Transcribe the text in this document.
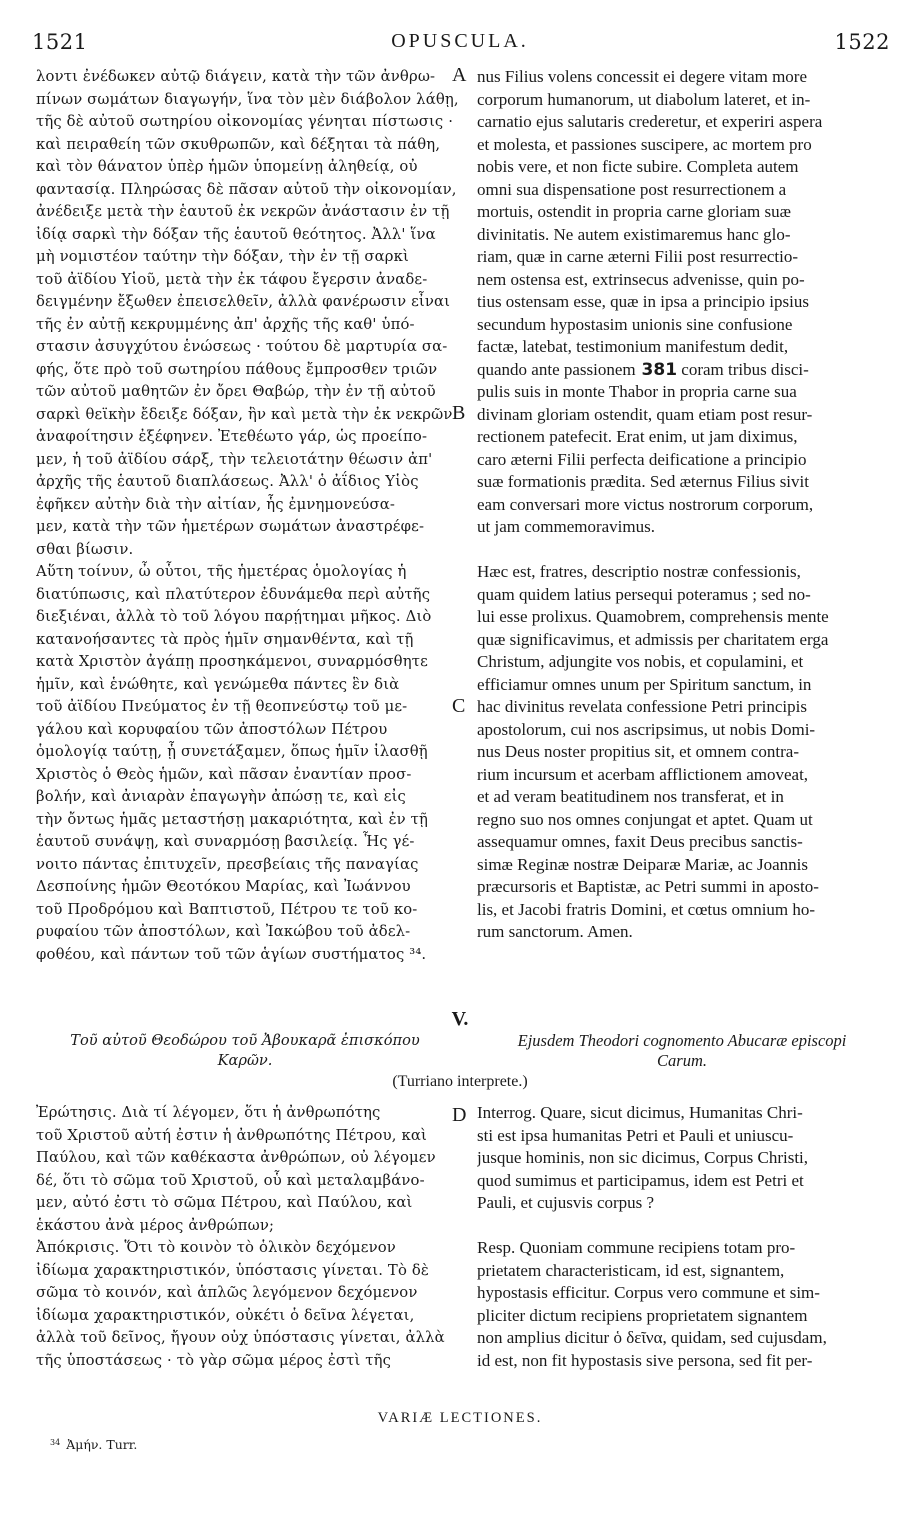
1521	OPUSCULA.	1522
λοντι ἐνέδωκεν αὐτῷ διάγειν, κατὰ τὴν τῶν ἀνθρω-
πίνων σωμάτων διαγωγήν, ἵνα τὸν μὲν διάβολον λάθῃ,
τῆς δὲ αὐτοῦ σωτηρίου οἰκονομίας γένηται πίστωσις ·
καὶ πειραθείη τῶν σκυθρωπῶν, καὶ δέξηται τὰ πάθη,
καὶ τὸν θάνατον ὑπὲρ ἡμῶν ὑπομείνῃ ἀληθείᾳ, οὐ
φαντασίᾳ. Πληρώσας δὲ πᾶσαν αὐτοῦ τὴν οἰκονομίαν,
ἀνέδειξε μετὰ τὴν ἑαυτοῦ ἐκ νεκρῶν ἀνάστασιν ἐν τῇ
ἰδίᾳ σαρκὶ τὴν δόξαν τῆς ἑαυτοῦ θεότητος. Ἀλλ' ἵνα
μὴ νομιστέον ταύτην τὴν δόξαν, τὴν ἐν τῇ σαρκὶ
τοῦ ἀϊδίου Υἱοῦ, μετὰ τὴν ἐκ τάφου ἔγερσιν ἀναδε-
δειγμένην ἔξωθεν ἐπεισελθεῖν, ἀλλὰ φανέρωσιν εἶναι
τῆς ἐν αὐτῇ κεκρυμμένης ἀπ' ἀρχῆς τῆς καθ' ὑπό-
στασιν ἀσυγχύτου ἑνώσεως · τούτου δὲ μαρτυρία σα-
φής, ὅτε πρὸ τοῦ σωτηρίου πάθους ἔμπροσθεν τριῶν
τῶν αὐτοῦ μαθητῶν ἐν ὄρει Θαβώρ, τὴν ἐν τῇ αὐτοῦ
σαρκὶ θεϊκὴν ἔδειξε δόξαν, ἣν καὶ μετὰ τὴν ἐκ νεκρῶν
ἀναφοίτησιν ἐξέφηνεν. Ἐτεθέωτο γάρ, ὡς προείπο-
μεν, ἡ τοῦ ἀϊδίου σάρξ, τὴν τελειοτάτην θέωσιν ἀπ'
ἀρχῆς τῆς ἑαυτοῦ διαπλάσεως. Ἀλλ' ὁ ἀΐδιος Υἱὸς
ἐφῆκεν αὐτὴν διὰ τὴν αἰτίαν, ἧς ἐμνημονεύσα-
μεν, κατὰ τὴν τῶν ἡμετέρων σωμάτων ἀναστρέφε-
σθαι βίωσιν.
Αὕτη τοίνυν, ὦ οὗτοι, τῆς ἡμετέρας ὁμολογίας ἡ
διατύπωσις, καὶ πλατύτερον ἐδυνάμεθα περὶ αὐτῆς
διεξιέναι, ἀλλὰ τὸ τοῦ λόγου παρῄτημαι μῆκος. Διὸ
κατανοήσαντες τὰ πρὸς ἡμῖν σημανθέντα, καὶ τῇ
κατὰ Χριστὸν ἀγάπῃ προσηκάμενοι, συναρμόσθητε
ἡμῖν, καὶ ἑνώθητε, καὶ γενώμεθα πάντες ἓν διὰ
τοῦ ἀϊδίου Πνεύματος ἐν τῇ θεοπνεύστῳ τοῦ με-
γάλου καὶ κορυφαίου τῶν ἀποστόλων Πέτρου
ὁμολογίᾳ ταύτῃ, ᾗ συνετάξαμεν, ὅπως ἡμῖν ἱλασθῇ
Χριστὸς ὁ Θεὸς ἡμῶν, καὶ πᾶσαν ἐναντίαν προσ-
βολήν, καὶ ἀνιαρὰν ἐπαγωγὴν ἀπώσῃ τε, καὶ εἰς
τὴν ὄντως ἡμᾶς μεταστήσῃ μακαριότητα, καὶ ἐν τῇ
ἑαυτοῦ συνάψῃ, καὶ συναρμόσῃ βασιλείᾳ. Ἧς γέ-
νοιτο πάντας ἐπιτυχεῖν, πρεσβείαις τῆς παναγίας
Δεσποίνης ἡμῶν Θεοτόκου Μαρίας, καὶ Ἰωάννου
τοῦ Προδρόμου καὶ Βαπτιστοῦ, Πέτρου τε τοῦ κο-
ρυφαίου τῶν ἀποστόλων, καὶ Ἰακώβου τοῦ ἀδελ-
φοθέου, καὶ πάντων τοῦ τῶν ἁγίων συστήματος ³⁴.
nus Filius volens concessit ei degere vitam more
corporum humanorum, ut diabolum lateret, et in-
carnatio ejus salutaris crederetur, et experiri aspera
et molesta, et passiones suscipere, ac mortem pro
nobis vere, et non ficte subire. Completa autem
omni sua dispensatione post resurrectionem a
mortuis, ostendit in propria carne gloriam suæ
divinitatis. Ne autem existimaremus hanc glo-
riam, quæ in carne æterni Filii post resurrectio-
nem ostensa est, extrinsecus advenisse, quin po-
tius ostensam esse, quæ in ipsa a principio ipsius
secundum hypostasim unionis sine confusione
factæ, latebat, testimonium manifestum dedit,
quando ante passionem 381 coram tribus disci-
pulis suis in monte Thabor in propria carne sua
divinam gloriam ostendit, quam etiam post resur-
rectionem patefecit. Erat enim, ut jam diximus,
caro æterni Filii perfecta deificatione a principio
suæ formationis prædita. Sed æternus Filius sivit
eam conversari more victus nostrorum corporum,
ut jam commemoravimus.
Hæc est, fratres, descriptio nostræ confessionis,
quam quidem latius persequi poteramus ; sed no-
lui esse prolixus. Quamobrem, comprehensis mente
quæ significavimus, et admissis per charitatem erga
Christum, adjungite vos nobis, et copulamini, et
efficiamur omnes unum per Spiritum sanctum, in
hac divinitus revelata confessione Petri principis
apostolorum, cui nos ascripsimus, ut nobis Domi-
nus Deus noster propitius sit, et omnem contra-
rium incursum et acerbam afflictionem amoveat,
et ad veram beatitudinem nos transferat, et in
regno suo nos omnes conjungat et aptet. Quam ut
assequamur omnes, faxit Deus precibus sanctis-
simæ Reginæ nostræ Deiparæ Mariæ, ac Joannis
præcursoris et Baptistæ, ac Petri summi in aposto-
lis, et Jacobi fratris Domini, et cœtus omnium ho-
rum sanctorum. Amen.
A
B
C
D
V.
Τοῦ αὐτοῦ Θεοδώρου τοῦ Ἀβουκαρᾶ ἐπισκόπου
Καρῶν.
Ejusdem Theodori cognomento Abucaræ episcopi
Carum.
(Turriano interprete.)
Ἐρώτησις. Διὰ τί λέγομεν, ὅτι ἡ ἀνθρωπότης
τοῦ Χριστοῦ αὐτή ἐστιν ἡ ἀνθρωπότης Πέτρου, καὶ
Παύλου, καὶ τῶν καθέκαστα ἀνθρώπων, οὐ λέγομεν
δέ, ὅτι τὸ σῶμα τοῦ Χριστοῦ, οὗ καὶ μεταλαμβάνο-
μεν, αὐτό ἐστι τὸ σῶμα Πέτρου, καὶ Παύλου, καὶ
ἑκάστου ἀνὰ μέρος ἀνθρώπων;
Ἀπόκρισις. Ὅτι τὸ κοινὸν τὸ ὁλικὸν δεχόμενον
ἰδίωμα χαρακτηριστικόν, ὑπόστασις γίνεται. Τὸ δὲ
σῶμα τὸ κοινόν, καὶ ἁπλῶς λεγόμενον δεχόμενον
ἰδίωμα χαρακτηριστικόν, οὐκέτι ὁ δεῖνα λέγεται,
ἀλλὰ τοῦ δεῖνος, ἤγουν οὐχ ὑπόστασις γίνεται, ἀλλὰ
τῆς ὑποστάσεως · τὸ γὰρ σῶμα μέρος ἐστὶ τῆς
Interrog. Quare, sicut dicimus, Humanitas Chri-
sti est ipsa humanitas Petri et Pauli et uniuscu-
jusque hominis, non sic dicimus, Corpus Christi,
quod sumimus et participamus, idem est Petri et
Pauli, et cujusvis corpus ?
Resp. Quoniam commune recipiens totam pro-
prietatem characteristicam, id est, signantem,
hypostasis efficitur. Corpus vero commune et sim-
pliciter dictum recipiens proprietatem signantem
non amplius dicitur ὁ δεῖνα, quidam, sed cujusdam,
id est, non fit hypostasis sive persona, sed fit per-
VARIÆ LECTIONES.
$^{34}$ Ἀμήν. Turr.
